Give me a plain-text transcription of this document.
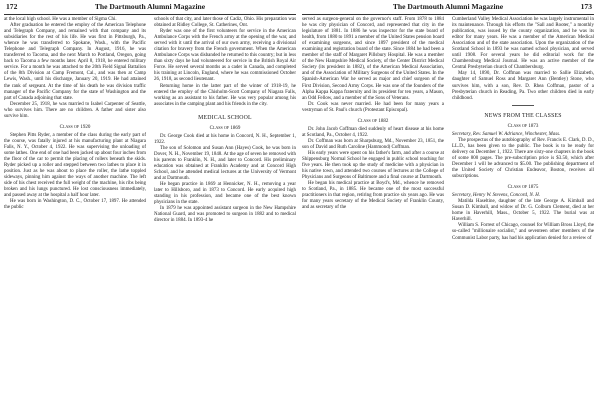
172	The Dartmouth Alumni Magazine

at the local high school. He was a member of Sigma Chi.

After graduation he entered the employ of the American Telephone and Telegraph Company, and remained with that company and its subsidiaries for the rest of his life. He was first in Pittsburgh, Pa., whence he was transferred to Spokane, Wash., with the Pacific Telephone and Telegraph Company. In August, 1916, he was transferred to Tacoma, and the next March to Portland, Oregon, going back to Tacoma a few months later. April 8, 1918, he entered military service. For a month he was attached to the 20th Field Signal Battalion of the 8th Division at Camp Fremont, Cal., and was then at Camp Lewis, Wash., until his discharge, January 20, 1919. He had attained the rank of sergeant. At the time of his death he was division traffic manager of the Pacific Company for the state of Washington and the part of Canada adjoining that state.

December 25, 1918, he was married to Isabel Carpenter of Seattle, who survives him. There are no children. A father and sister also survive him.

Class of 1920

Stephen Pitts Ryder, a member of the class during the early part of the course, was fatally injured at his manufacturing plant at Niagara Falls, N. Y., October 4, 1922. He was supervising the unloading of some lathes. One end of one had been jacked up about four inches from the floor of the car to permit the placing of rollers beneath the skids. Ryder picked up a roller and stepped between two lathes to place it in position. Just as he was about to place the roller, the lathe toppled sideways, pinning him against the ways of another machine. The left side of his chest received the full weight of the machine, his ribs being broken and his lungs punctured. He lost consciousness immediately, and passed away at the hospital a half hour later.

He was born in Washington, D. C., October 17, 1897. He attended the public

schools of that city, and later those of Cadiz, Ohio. His preparation was obtained at Ridley College, St. Catherines, Ont.

Ryder was one of the first volunteers for service in the American Ambulance Corps with the French army at the opening of the war, and served with it until the arrival of our own army, receiving a divisional citation for bravery from the French government. When the American Ambulance Corps was disbanded he returned to this country; but in less than sixty days he had volunteered for service in the British Royal Air Force. He served several months as a cadet in Canada, and completed his training at Lincoln, England, where he was commissioned October 26, 1918, as second lieutenant.

Returning home in the latter part of the winter of 1918-19, he entered the employ of the Chisholm-Scott Company of Niagara Falls, working as an assistant to his father. He was very popular among his associates in the camping plant and his friends in the city.

MEDICAL SCHOOL
Class of 1869

Dr. George Cook died at his home in Concord, N. H., September 1, 1922.

The son of Solomon and Susan Ann (Hayes) Cook, he was born in Dover, N. H., November 19, 1848. At the age of seven he removed with his parents to Franklin, N. H., and later to Concord. His preliminary education was obtained at Franklin Academy and at Concord High School, and he attended medical lectures at the University of Vermont and at Dartmouth.

He began practice in 1869 at Hennicker, N. H., removing a year later to Hillsboro, and in 1873 to Concord. He early acquired high standing in his profession, and became one of the best known physicians in the state.

In 1879 he was appointed assistant surgeon in the New Hampshire National Guard, and was promoted to surgeon in 1882 and to medical director in 1884. In 1893-4 he

The Dartmouth Alumni Magazine	173

served as surgeon-general on the governor's staff. From 1878 to 1884 he was city physician of Concord, and represented that city in the legislature of 1881. In 1886 he was inspector for the state board of health, from 1880 to 1891 a member of the United States pension board of examining surgeons, and since 1897 president of the medical examining and registration board of the state. Since 1884 he had been a member of the staff of Margaret Pillsbury Hospital. He was a member of the New Hampshire Medical Society, of the Center District Medical Society (its president in 1882), of the American Medical Association, and of the Association of Military Surgeons of the United States. In the Spanish-American War he served as major and chief surgeon of the First Division, Second Army Corps. He was one of the founders of the Alpha Kappa Kappa fraternity and its president for ten years, a Mason, an Odd Fellow, and a member of the Sons of Veterans.

Dr. Cook was never married. He had been for many years a vestryman of St. Paul's church (Protestant Episcopal).

Class of 1882

Dr. John Jacob Coffman died suddenly of heart disease at his home at Scotland, Pa., October 4, 1922.

Dr. Coffman was born at Sharpsburg, Md., November 23, 1851, the son of David and Ruth Caroline (Hammond) Coffman.

His early years were spent on his father's farm, and after a course at Shippensburg Normal School he engaged in public school teaching for five years. He then took up the study of medicine with a physician in his native town, and attended two courses of lectures at the College of Physicians and Surgeons of Baltimore and a final course at Dartmouth.

He began his medical practice at Boyd's, Md., whence he removed to Scotland, Pa., in 1885. He became one of the most successful practitioners in that region, retiring from practice six years ago. He was for many years secretary of the Medical Society of Franklin County, and as secretary of the

Cumberland Valley Medical Association he was largely instrumental in its maintenance. Through his efforts the "Sall and Rooter," a monthly publication, was issued by the county organization, and he was its editor for many years. He was a member of the American Medical Association and of the state association. Upon the organization of the Scotland School in 1893 he was named school physician, and served until 1908. For several years he did editorial work for the Chambersburg Medical Journal. He was an active member of the Central Presbyterian church of Chambersburg.

May 14, 1890, Dr. Coffman was married to Sallie Elizabeth, daughter of Samuel Ross and Margaret Ann (Bentley) Stone, who survives him, with a son, Rev. D. Rhea Coffman, pastor of a Presbyterian church in Reading, Pa. Two other children died in early childhood.

NEWS FROM THE CLASSES
Class of 1873

Secretary, Rev. Samuel W. Adriance, Winchester, Mass.

The prospectus of the autobiography of Rev. Francis E. Clark, D. D., LL.D., has been given to the public. The book is to be ready for delivery on December 1, 1922. There are sixty-one chapters in the book of some 800 pages. The pre-subscription price is $3.50, which after December 1 will be advanced to $5.00. The publishing department of the United Society of Christian Endeavor, Boston, receives all subscriptions.

Class of 1875

Secretary, Henry W. Stevens, Concord, N. H.

Matilda Haseltine, daughter of the late George A. Kimball and Susan D. Kimball, and widow of Dr. G. Colburn Clement, died at her home in Haverhill, Mass., October 5, 1922. The burial was at Haverhill.

William S. Forrest of Chicago, counsel for William Bross Lloyd, the so-called "millionaire socialist," and seventeen other members of the Communist Labor party, has had his application denied for a review of
